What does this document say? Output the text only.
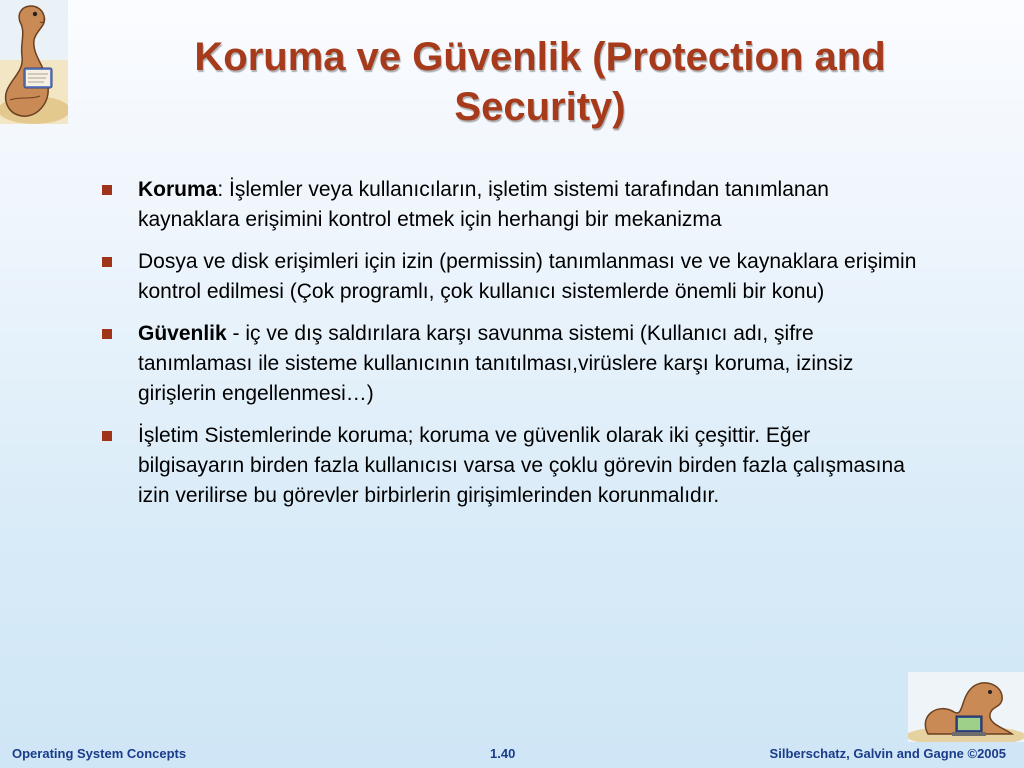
Koruma ve Güvenlik (Protection and
Security)
Koruma: İşlemler veya kullanıcıların, işletim sistemi tarafından tanımlanan kaynaklara erişimini kontrol etmek için herhangi bir mekanizma
Dosya ve disk erişimleri için izin (permissin) tanımlanması ve ve kaynaklara erişimin kontrol edilmesi (Çok programlı, çok kullanıcı sistemlerde önemli bir konu)
Güvenlik - iç ve dış saldırılara karşı savunma sistemi (Kullanıcı adı, şifre tanımlaması ile sisteme kullanıcının tanıtılması,virüslere karşı koruma, izinsiz girişlerin engellenmesi…)
İşletim Sistemlerinde koruma; koruma ve güvenlik olarak iki çeşittir. Eğer bilgisayarın birden fazla kullanıcısı varsa ve çoklu görevin birden fazla çalışmasına izin verilirse bu görevler birbirlerin girişimlerinden korunmalıdır.
Operating System Concepts	1.40	Silberschatz, Galvin and Gagne ©2005
